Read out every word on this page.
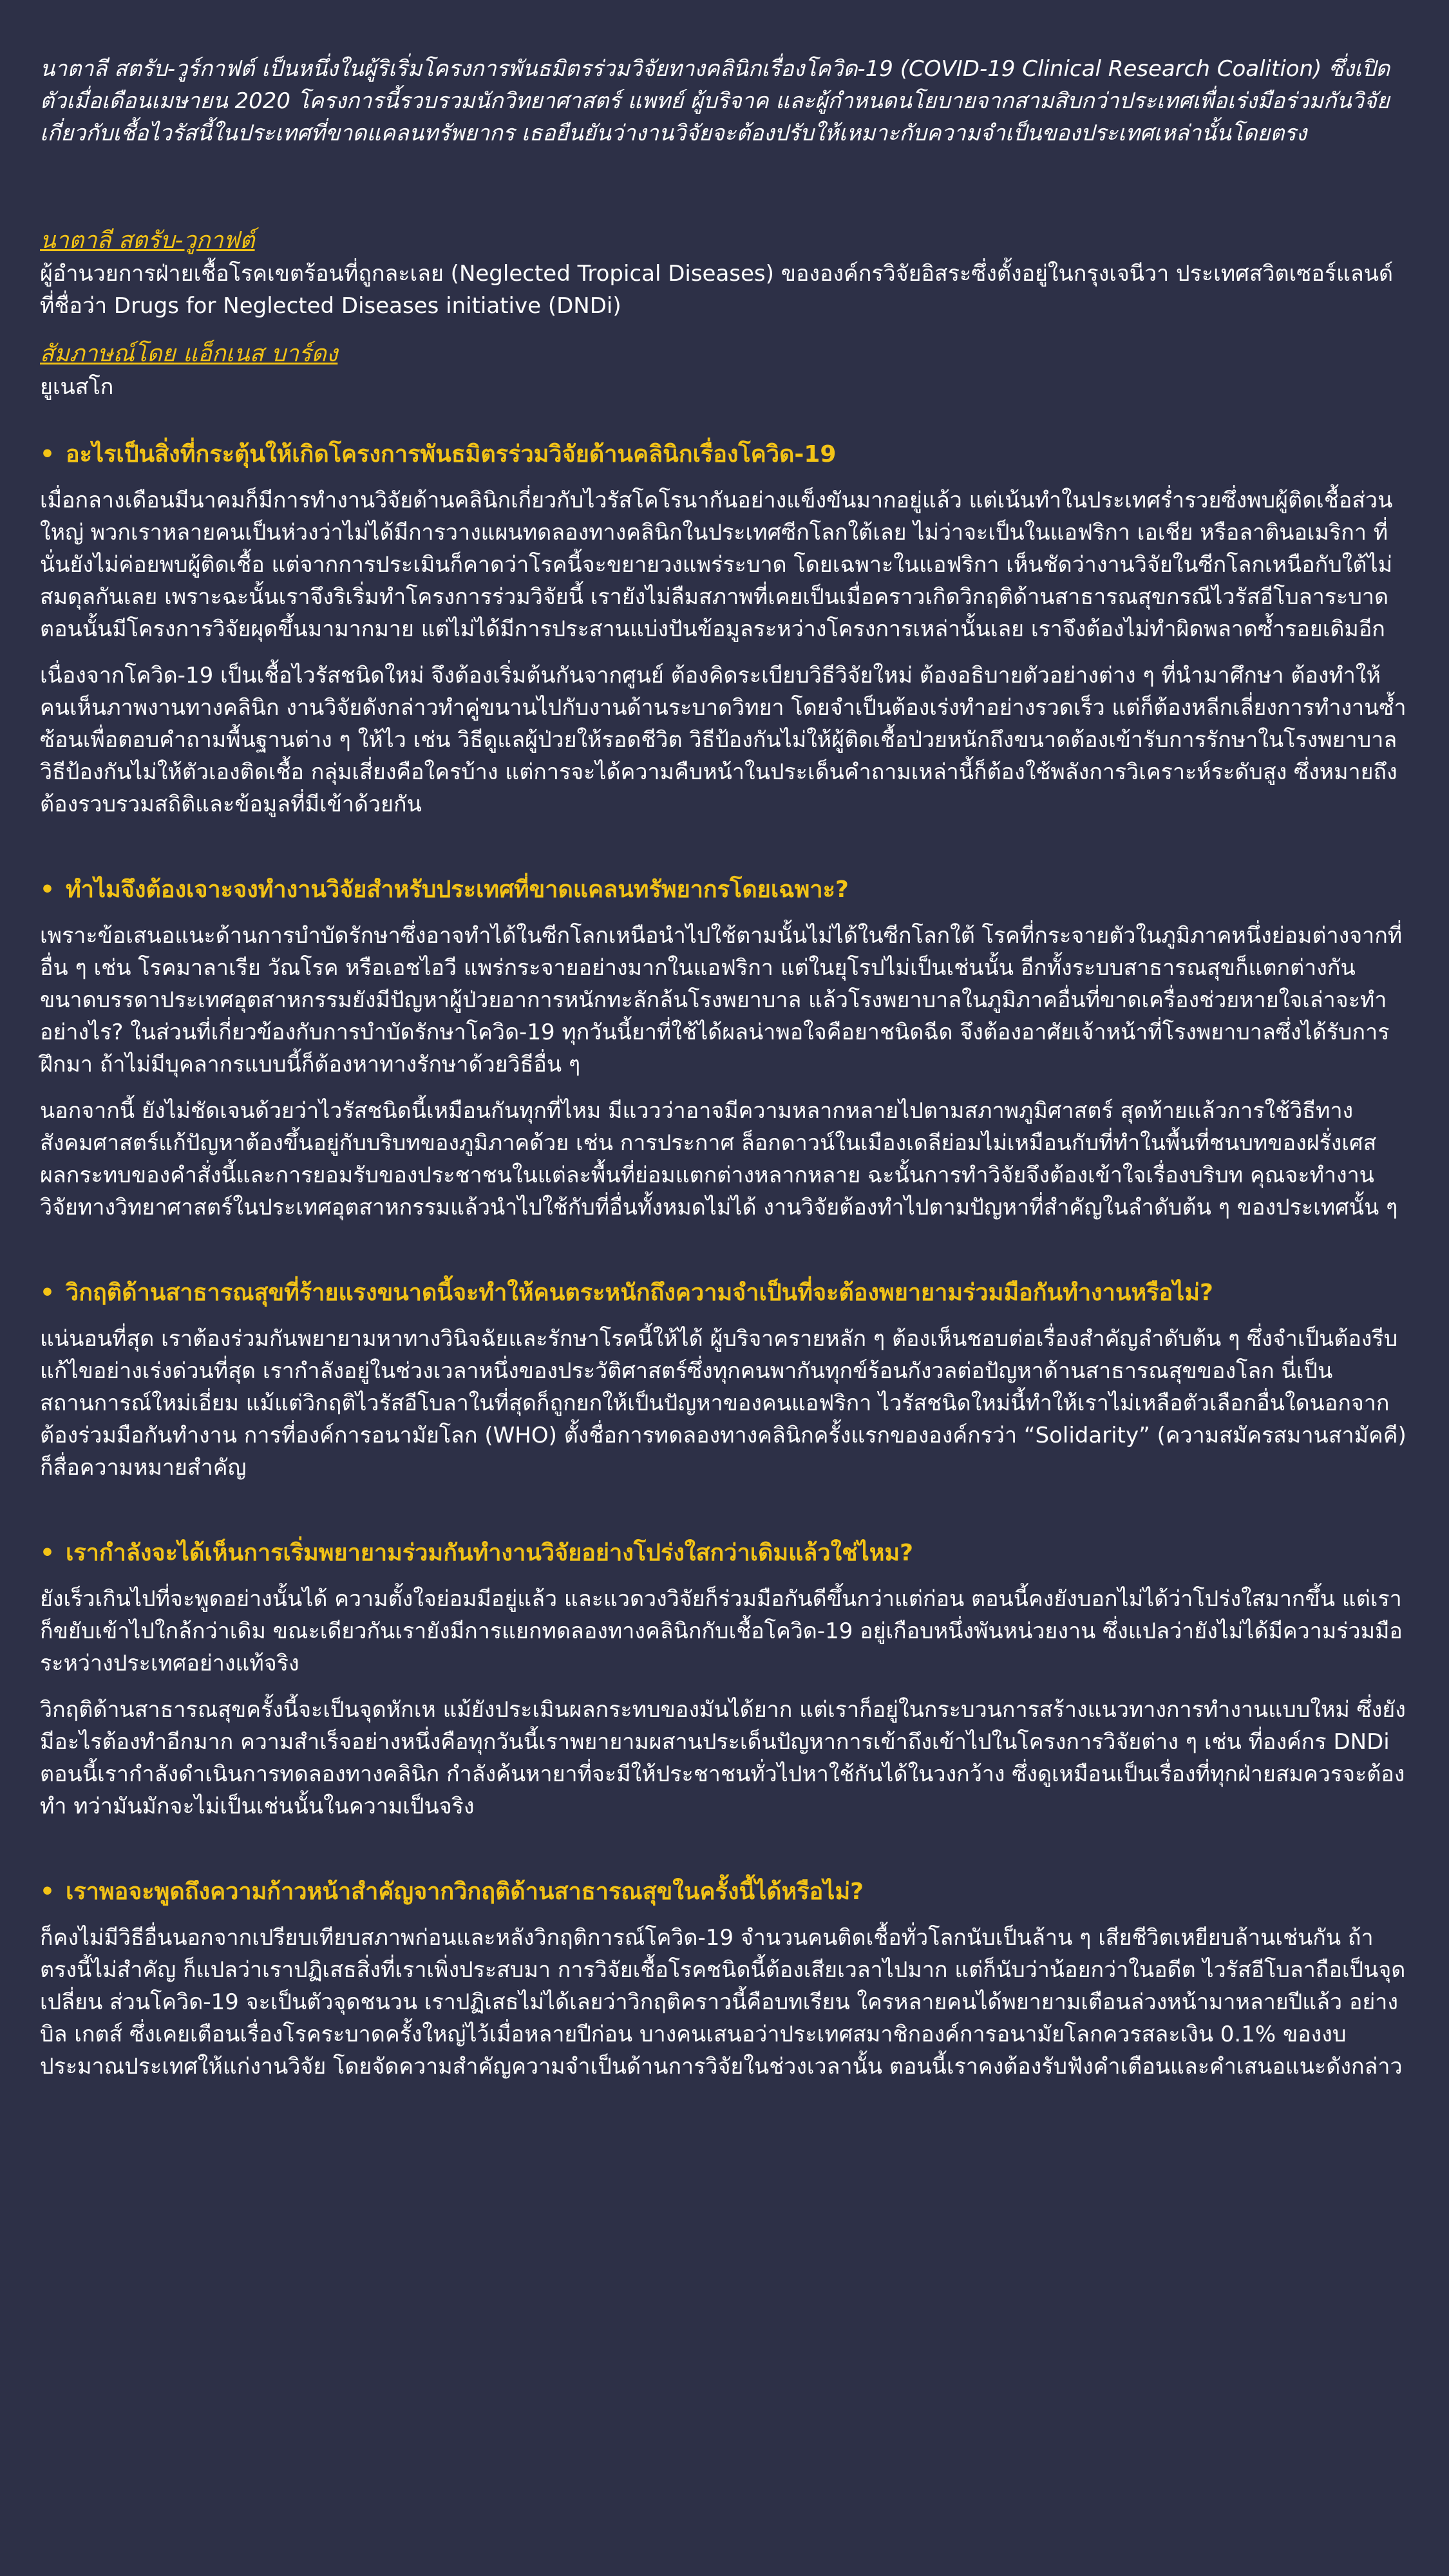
นาตาลี สตรับ-วูร์กาฟต์ เป็นหนึ่งในผู้ริเริ่มโครงการพันธมิตรร่วมวิจัยทางคลินิกเรื่องโควิด-19 (COVID-19 Clinical Research Coalition) ซึ่งเปิดตัวเมื่อเดือนเมษายน 2020 โครงการนี้รวบรวมนักวิทยาศาสตร์ แพทย์ ผู้บริจาค และผู้กำหนดนโยบายจากสามสิบกว่าประเทศเพื่อเร่งมือร่วมกันวิจัยเกี่ยวกับเชื้อไวรัสนี้ในประเทศที่ขาดแคลนทรัพยากร เธอยืนยันว่างานวิจัยจะต้องปรับให้เหมาะกับความจำเป็นของประเทศเหล่านั้นโดยตรง

นาตาลี สตรับ-วูกาฟต์

ผู้อำนวยการฝ่ายเชื้อโรคเขตร้อนที่ถูกละเลย (Neglected Tropical Diseases) ขององค์กรวิจัยอิสระซึ่งตั้งอยู่ในกรุงเจนีวา ประเทศสวิตเซอร์แลนด์ ที่ชื่อว่า Drugs for Neglected Diseases initiative (DNDi)

สัมภาษณ์โดย แอ็กเนส บาร์ดง

ยูเนสโก

• อะไรเป็นสิ่งที่กระตุ้นให้เกิดโครงการพันธมิตรร่วมวิจัยด้านคลินิกเรื่องโควิด-19

เมื่อกลางเดือนมีนาคมก็มีการทำงานวิจัยด้านคลินิกเกี่ยวกับไวรัสโคโรนากันอย่างแข็งขันมากอยู่แล้ว แต่เน้นทำในประเทศร่ำรวยซึ่งพบผู้ติดเชื้อส่วนใหญ่ พวกเราหลายคนเป็นห่วงว่าไม่ได้มีการวางแผนทดลองทางคลินิกในประเทศซีกโลกใต้เลย ไม่ว่าจะเป็นในแอฟริกา เอเชีย หรือลาตินอเมริกา ที่นั่นยังไม่ค่อยพบผู้ติดเชื้อ แต่จากการประเมินก็คาดว่าโรคนี้จะขยายวงแพร่ระบาด โดยเฉพาะในแอฟริกา เห็นชัดว่างานวิจัยในซีกโลกเหนือกับใต้ไม่สมดุลกันเลย เพราะฉะนั้นเราจึงริเริ่มทำโครงการร่วมวิจัยนี้ เรายังไม่ลืมสภาพที่เคยเป็นเมื่อคราวเกิดวิกฤติด้านสาธารณสุขกรณีไวรัสอีโบลาระบาด ตอนนั้นมีโครงการวิจัยผุดขึ้นมามากมาย แต่ไม่ได้มีการประสานแบ่งปันข้อมูลระหว่างโครงการเหล่านั้นเลย เราจึงต้องไม่ทำผิดพลาดซ้ำรอยเดิมอีก

เนื่องจากโควิด-19 เป็นเชื้อไวรัสชนิดใหม่ จึงต้องเริ่มต้นกันจากศูนย์ ต้องคิดระเบียบวิธีวิจัยใหม่ ต้องอธิบายตัวอย่างต่าง ๆ ที่นำมาศึกษา ต้องทำให้คนเห็นภาพงานทางคลินิก งานวิจัยดังกล่าวทำคู่ขนานไปกับงานด้านระบาดวิทยา โดยจำเป็นต้องเร่งทำอย่างรวดเร็ว แต่ก็ต้องหลีกเลี่ยงการทำงานซ้ำซ้อนเพื่อตอบคำถามพื้นฐานต่าง ๆ ให้ไว เช่น วิธีดูแลผู้ป่วยให้รอดชีวิต วิธีป้องกันไม่ให้ผู้ติดเชื้อป่วยหนักถึงขนาดต้องเข้ารับการรักษาในโรงพยาบาล วิธีป้องกันไม่ให้ตัวเองติดเชื้อ กลุ่มเสี่ยงคือใครบ้าง แต่การจะได้ความคืบหน้าในประเด็นคำถามเหล่านี้ก็ต้องใช้พลังการวิเคราะห์ระดับสูง ซึ่งหมายถึงต้องรวบรวมสถิติและข้อมูลที่มีเข้าด้วยกัน

• ทำไมจึงต้องเจาะจงทำงานวิจัยสำหรับประเทศที่ขาดแคลนทรัพยากรโดยเฉพาะ?

เพราะข้อเสนอแนะด้านการบำบัดรักษาซึ่งอาจทำได้ในซีกโลกเหนือนำไปใช้ตามนั้นไม่ได้ในซีกโลกใต้ โรคที่กระจายตัวในภูมิภาคหนึ่งย่อมต่างจากที่อื่น ๆ เช่น โรคมาลาเรีย วัณโรค หรือเอชไอวี แพร่กระจายอย่างมากในแอฟริกา แต่ในยุโรปไม่เป็นเช่นนั้น อีกทั้งระบบสาธารณสุขก็แตกต่างกัน ขนาดบรรดาประเทศอุตสาหกรรมยังมีปัญหาผู้ป่วยอาการหนักทะลักล้นโรงพยาบาล แล้วโรงพยาบาลในภูมิภาคอื่นที่ขาดเครื่องช่วยหายใจเล่าจะทำอย่างไร? ในส่วนที่เกี่ยวข้องกับการบำบัดรักษาโควิด-19 ทุกวันนี้ยาที่ใช้ได้ผลน่าพอใจคือยาชนิดฉีด จึงต้องอาศัยเจ้าหน้าที่โรงพยาบาลซึ่งได้รับการฝึกมา ถ้าไม่มีบุคลากรแบบนี้ก็ต้องหาทางรักษาด้วยวิธีอื่น ๆ

นอกจากนี้ ยังไม่ชัดเจนด้วยว่าไวรัสชนิดนี้เหมือนกันทุกที่ไหม มีแววว่าอาจมีความหลากหลายไปตามสภาพภูมิศาสตร์ สุดท้ายแล้วการใช้วิธีทางสังคมศาสตร์แก้ปัญหาต้องขึ้นอยู่กับบริบทของภูมิภาคด้วย เช่น การประกาศ ล็อกดาวน์ในเมืองเดลีย่อมไม่เหมือนกับที่ทำในพื้นที่ชนบทของฝรั่งเศส ผลกระทบของคำสั่งนี้และการยอมรับของประชาชนในแต่ละพื้นที่ย่อมแตกต่างหลากหลาย ฉะนั้นการทำวิจัยจึงต้องเข้าใจเรื่องบริบท คุณจะทำงานวิจัยทางวิทยาศาสตร์ในประเทศอุตสาหกรรมแล้วนำไปใช้กับที่อื่นทั้งหมดไม่ได้ งานวิจัยต้องทำไปตามปัญหาที่สำคัญในลำดับต้น ๆ ของประเทศนั้น ๆ

• วิกฤติด้านสาธารณสุขที่ร้ายแรงขนาดนี้จะทำให้คนตระหนักถึงความจำเป็นที่จะต้องพยายามร่วมมือกันทำงานหรือไม่?

แน่นอนที่สุด เราต้องร่วมกันพยายามหาทางวินิจฉัยและรักษาโรคนี้ให้ได้ ผู้บริจาครายหลัก ๆ ต้องเห็นชอบต่อเรื่องสำคัญลำดับต้น ๆ ซึ่งจำเป็นต้องรีบแก้ไขอย่างเร่งด่วนที่สุด เรากำลังอยู่ในช่วงเวลาหนึ่งของประวัติศาสตร์ซึ่งทุกคนพากันทุกข์ร้อนกังวลต่อปัญหาด้านสาธารณสุขของโลก นี่เป็นสถานการณ์ใหม่เอี่ยม แม้แต่วิกฤติไวรัสอีโบลาในที่สุดก็ถูกยกให้เป็นปัญหาของคนแอฟริกา ไวรัสชนิดใหม่นี้ทำให้เราไม่เหลือตัวเลือกอื่นใดนอกจากต้องร่วมมือกันทำงาน การที่องค์การอนามัยโลก (WHO) ตั้งชื่อการทดลองทางคลินิกครั้งแรกขององค์กรว่า “Solidarity” (ความสมัครสมานสามัคคี) ก็สื่อความหมายสำคัญ

• เรากำลังจะได้เห็นการเริ่มพยายามร่วมกันทำงานวิจัยอย่างโปร่งใสกว่าเดิมแล้วใช่ไหม?

ยังเร็วเกินไปที่จะพูดอย่างนั้นได้ ความตั้งใจย่อมมีอยู่แล้ว และแวดวงวิจัยก็ร่วมมือกันดีขึ้นกว่าแต่ก่อน ตอนนี้คงยังบอกไม่ได้ว่าโปร่งใสมากขึ้น แต่เราก็ขยับเข้าไปใกล้กว่าเดิม ขณะเดียวกันเรายังมีการแยกทดลองทางคลินิกกับเชื้อโควิด-19 อยู่เกือบหนึ่งพันหน่วยงาน ซึ่งแปลว่ายังไม่ได้มีความร่วมมือระหว่างประเทศอย่างแท้จริง

วิกฤติด้านสาธารณสุขครั้งนี้จะเป็นจุดหักเห แม้ยังประเมินผลกระทบของมันได้ยาก แต่เราก็อยู่ในกระบวนการสร้างแนวทางการทำงานแบบใหม่ ซึ่งยังมีอะไรต้องทำอีกมาก ความสำเร็จอย่างหนึ่งคือทุกวันนี้เราพยายามผสานประเด็นปัญหาการเข้าถึงเข้าไปในโครงการวิจัยต่าง ๆ เช่น ที่องค์กร DNDi ตอนนี้เรากำลังดำเนินการทดลองทางคลินิก กำลังค้นหายาที่จะมีให้ประชาชนทั่วไปหาใช้กันได้ในวงกว้าง ซึ่งดูเหมือนเป็นเรื่องที่ทุกฝ่ายสมควรจะต้องทำ ทว่ามันมักจะไม่เป็นเช่นนั้นในความเป็นจริง

• เราพอจะพูดถึงความก้าวหน้าสำคัญจากวิกฤติด้านสาธารณสุขในครั้งนี้ได้หรือไม่?

ก็คงไม่มีวิธีอื่นนอกจากเปรียบเทียบสภาพก่อนและหลังวิกฤติการณ์โควิด-19 จำนวนคนติดเชื้อทั่วโลกนับเป็นล้าน ๆ เสียชีวิตเหยียบล้านเช่นกัน ถ้าตรงนี้ไม่สำคัญ ก็แปลว่าเราปฏิเสธสิ่งที่เราเพิ่งประสบมา การวิจัยเชื้อโรคชนิดนี้ต้องเสียเวลาไปมาก แต่ก็นับว่าน้อยกว่าในอดีต ไวรัสอีโบลาถือเป็นจุดเปลี่ยน ส่วนโควิด-19 จะเป็นตัวจุดชนวน เราปฏิเสธไม่ได้เลยว่าวิกฤติคราวนี้คือบทเรียน ใครหลายคนได้พยายามเตือนล่วงหน้ามาหลายปีแล้ว อย่างบิล เกตส์ ซึ่งเคยเตือนเรื่องโรคระบาดครั้งใหญ่ไว้เมื่อหลายปีก่อน บางคนเสนอว่าประเทศสมาชิกองค์การอนามัยโลกควรสละเงิน 0.1% ของงบประมาณประเทศให้แก่งานวิจัย โดยจัดความสำคัญความจำเป็นด้านการวิจัยในช่วงเวลานั้น ตอนนี้เราคงต้องรับฟังคำเตือนและคำเสนอแนะดังกล่าว
